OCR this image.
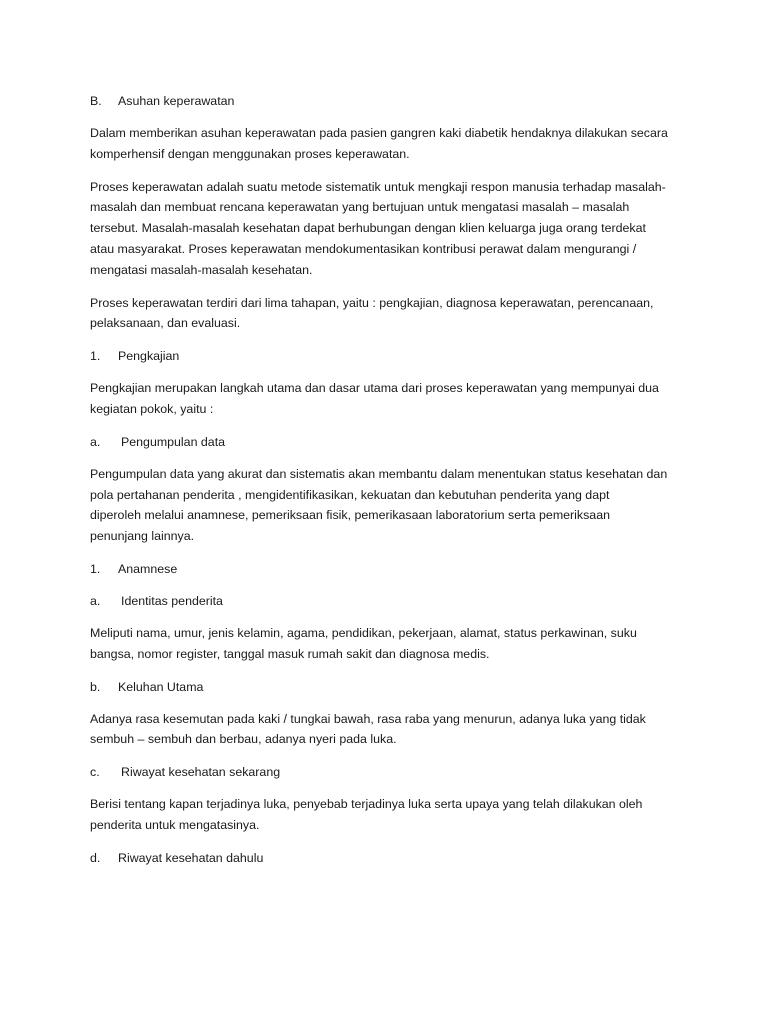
B.	Asuhan keperawatan

Dalam memberikan asuhan keperawatan pada pasien gangren kaki diabetik hendaknya dilakukan secara
komperhensif dengan menggunakan proses keperawatan.

Proses keperawatan adalah suatu metode sistematik untuk mengkaji respon manusia terhadap masalah-
masalah dan membuat rencana keperawatan yang bertujuan untuk mengatasi masalah – masalah
tersebut. Masalah-masalah kesehatan dapat berhubungan dengan klien keluarga juga orang terdekat
atau masyarakat. Proses keperawatan mendokumentasikan kontribusi perawat dalam mengurangi /
mengatasi masalah-masalah kesehatan.

Proses keperawatan terdiri dari lima tahapan, yaitu : pengkajian, diagnosa keperawatan, perencanaan,
pelaksanaan, dan evaluasi.

1.	Pengkajian

Pengkajian merupakan langkah utama dan dasar utama dari proses keperawatan yang mempunyai dua
kegiatan pokok, yaitu :

a.	Pengumpulan data

Pengumpulan data yang akurat dan sistematis akan membantu dalam menentukan status kesehatan dan
pola pertahanan penderita , mengidentifikasikan, kekuatan dan kebutuhan penderita yang dapt
diperoleh melalui anamnese, pemeriksaan fisik, pemerikasaan laboratorium serta pemeriksaan
penunjang lainnya.

1.	Anamnese
a.	Identitas penderita

Meliputi nama, umur, jenis kelamin, agama, pendidikan, pekerjaan, alamat, status perkawinan, suku
bangsa, nomor register, tanggal masuk rumah sakit dan diagnosa medis.

b.	Keluhan Utama

Adanya rasa kesemutan pada kaki / tungkai bawah, rasa raba yang menurun, adanya luka yang tidak
sembuh – sembuh dan berbau, adanya nyeri pada luka.

c.	Riwayat kesehatan sekarang

Berisi tentang kapan terjadinya luka, penyebab terjadinya luka serta upaya yang telah dilakukan oleh
penderita untuk mengatasinya.

d.	Riwayat kesehatan dahulu
